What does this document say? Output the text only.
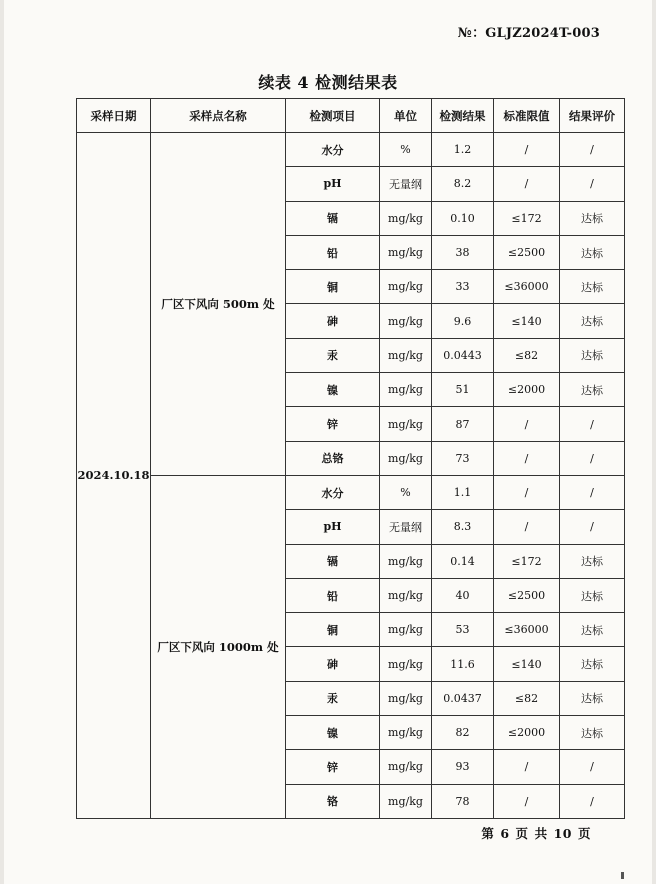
№：GLJZ2024T-003
续表 4 检测结果表
采样日期	采样点名称	检测项目	单位	检测结果	标准限值	结果评价
2024.10.18	厂区下风向 500m 处	水分	%	1.2	/	/
		pH	无量纲	8.2	/	/
		镉	mg/kg	0.10	≤172	达标
		铅	mg/kg	38	≤2500	达标
		铜	mg/kg	33	≤36000	达标
		砷	mg/kg	9.6	≤140	达标
		汞	mg/kg	0.0443	≤82	达标
		镍	mg/kg	51	≤2000	达标
		锌	mg/kg	87	/	/
		总铬	mg/kg	73	/	/
	厂区下风向 1000m 处	水分	%	1.1	/	/
		pH	无量纲	8.3	/	/
		镉	mg/kg	0.14	≤172	达标
		铅	mg/kg	40	≤2500	达标
		铜	mg/kg	53	≤36000	达标
		砷	mg/kg	11.6	≤140	达标
		汞	mg/kg	0.0437	≤82	达标
		镍	mg/kg	82	≤2000	达标
		锌	mg/kg	93	/	/
		铬	mg/kg	78	/	/
第 6 页 共 10 页
